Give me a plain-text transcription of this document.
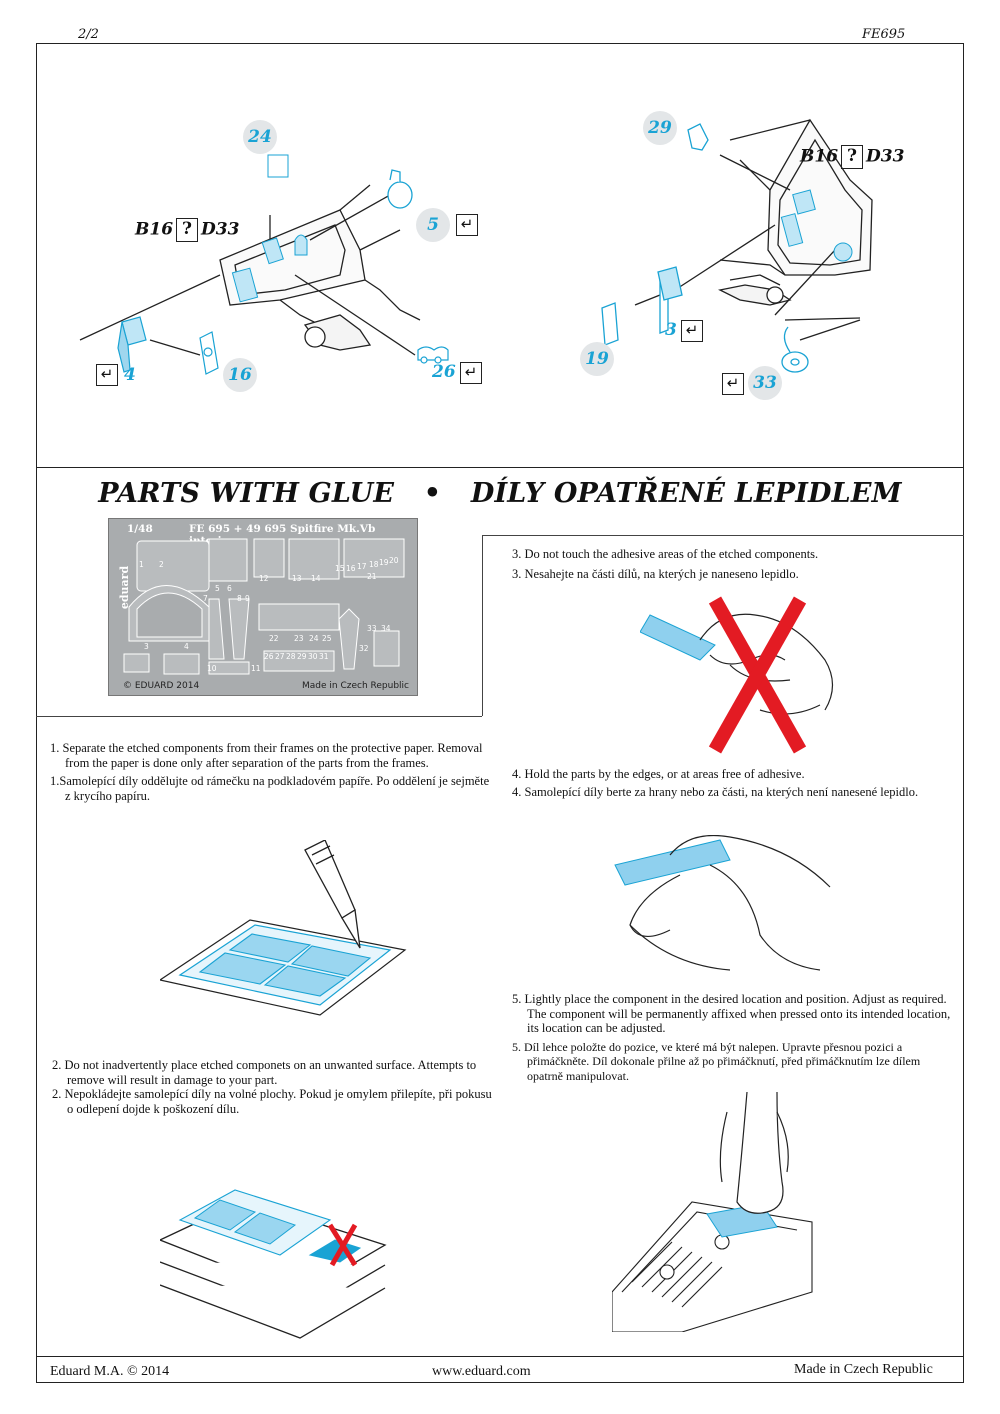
2/2	FE695
24
5	↵
16
↵ 4	26 ↵
B16 ? D33
29
19
3 ↵
↵ 33
B16 ? D33
PARTS WITH GLUE • DÍLY OPATŘENÉ LEPIDLEM
1/48	FE 695 + 49 695 Spitfire Mk.Vb
eduard
© EDUARD 2014	Made in Czech Republic
1 2
3	4
5 6
7	8 9
10	11
12	13 14
15 16 17 18 19 20
21
22 23 24 25
26 27 28 29 30 31
32
33 34

1. Separate the etched components from their frames on the protective paper. Removal from the paper is done only after separation of the parts from the frames.

1.Samolepící díly oddělujte od rámečku na podkladovém papíře. Po oddělení je sejměte z krycího papíru.

2. Do not inadvertently place etched componets on an unwanted surface. Attempts to remove will result in damage to your part.

2. Nepokládejte samolepící díly na volné plochy. Pokud je omylem přilepíte, při pokusu o odlepení dojde k poškození dílu.

3. Do not touch the adhesive areas of the etched components.

3. Nesahejte na části dílů, na kterých je naneseno lepidlo.

4. Hold the parts by the edges, or at areas free of adhesive.

4. Samolepící díly berte za hrany nebo za části, na kterých není nanesené lepidlo.

5. Lightly place the component in the desired location and position. Adjust as required. The component will be permanently affixed when pressed onto its intended location, its location can be adjusted.

5. Díl lehce položte do pozice, ve které má být nalepen. Upravte přesnou pozici a přimáčkněte. Díl dokonale přilne až po přimáčknutí, před přimáčknutím lze dílem opatrně manipulovat.

Eduard M.A. © 2014	www.eduard.com	Made in Czech Republic
